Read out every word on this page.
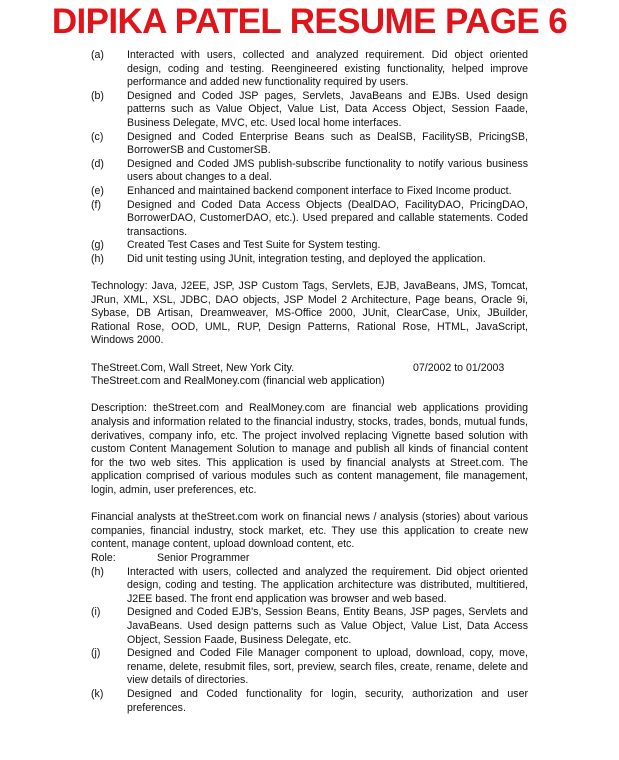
DIPIKA PATEL RESUME PAGE 6
(a)	Interacted with users, collected and analyzed requirement. Did object oriented design, coding and testing. Reengineered existing functionality, helped improve performance and added new functionality required by users.
(b)	Designed and Coded JSP pages, Servlets, JavaBeans and EJBs. Used design patterns such as Value Object, Value List, Data Access Object, Session Faade, Business Delegate, MVC, etc. Used local home interfaces.
(c)	Designed and Coded Enterprise Beans such as DealSB, FacilitySB, PricingSB, BorrowerSB and CustomerSB.
(d)	Designed and Coded JMS publish-subscribe functionality to notify various business users about changes to a deal.
(e)	Enhanced and maintained backend component interface to Fixed Income product.
(f)	Designed and Coded Data Access Objects (DealDAO, FacilityDAO, PricingDAO, BorrowerDAO, CustomerDAO, etc.). Used prepared and callable statements. Coded transactions.
(g)	Created Test Cases and Test Suite for System testing.
(h)	Did unit testing using JUnit, integration testing, and deployed the application.
Technology: Java, J2EE, JSP, JSP Custom Tags, Servlets, EJB, JavaBeans, JMS, Tomcat, JRun, XML, XSL, JDBC, DAO objects, JSP Model 2 Architecture, Page beans, Oracle 9i, Sybase, DB Artisan, Dreamweaver, MS-Office 2000, JUnit, ClearCase, Unix, JBuilder, Rational Rose, OOD, UML, RUP, Design Patterns, Rational Rose, HTML, JavaScript, Windows 2000.
TheStreet.Com, Wall Street, New York City.	07/2002 to 01/2003
TheStreet.com and RealMoney.com (financial web application)
Description: theStreet.com and RealMoney.com are financial web applications providing analysis and information related to the financial industry, stocks, trades, bonds, mutual funds, derivatives, company info, etc. The project involved replacing Vignette based solution with custom Content Management Solution to manage and publish all kinds of financial content for the two web sites. This application is used by financial analysts at Street.com. The application comprised of various modules such as content management, file management, login, admin, user preferences, etc.
Financial analysts at theStreet.com work on financial news / analysis (stories) about various companies, financial industry, stock market, etc. They use this application to create new content, manage content, upload download content, etc.
Role:	Senior Programmer
(h)	Interacted with users, collected and analyzed the requirement. Did object oriented design, coding and testing. The application architecture was distributed, multitiered, J2EE based. The front end application was browser and web based.
(i)	Designed and Coded EJB's, Session Beans, Entity Beans, JSP pages, Servlets and JavaBeans. Used design patterns such as Value Object, Value List, Data Access Object, Session Faade, Business Delegate, etc.
(j)	Designed and Coded File Manager component to upload, download, copy, move, rename, delete, resubmit files, sort, preview, search files, create, rename, delete and view details of directories.
(k)	Designed and Coded functionality for login, security, authorization and user preferences.
